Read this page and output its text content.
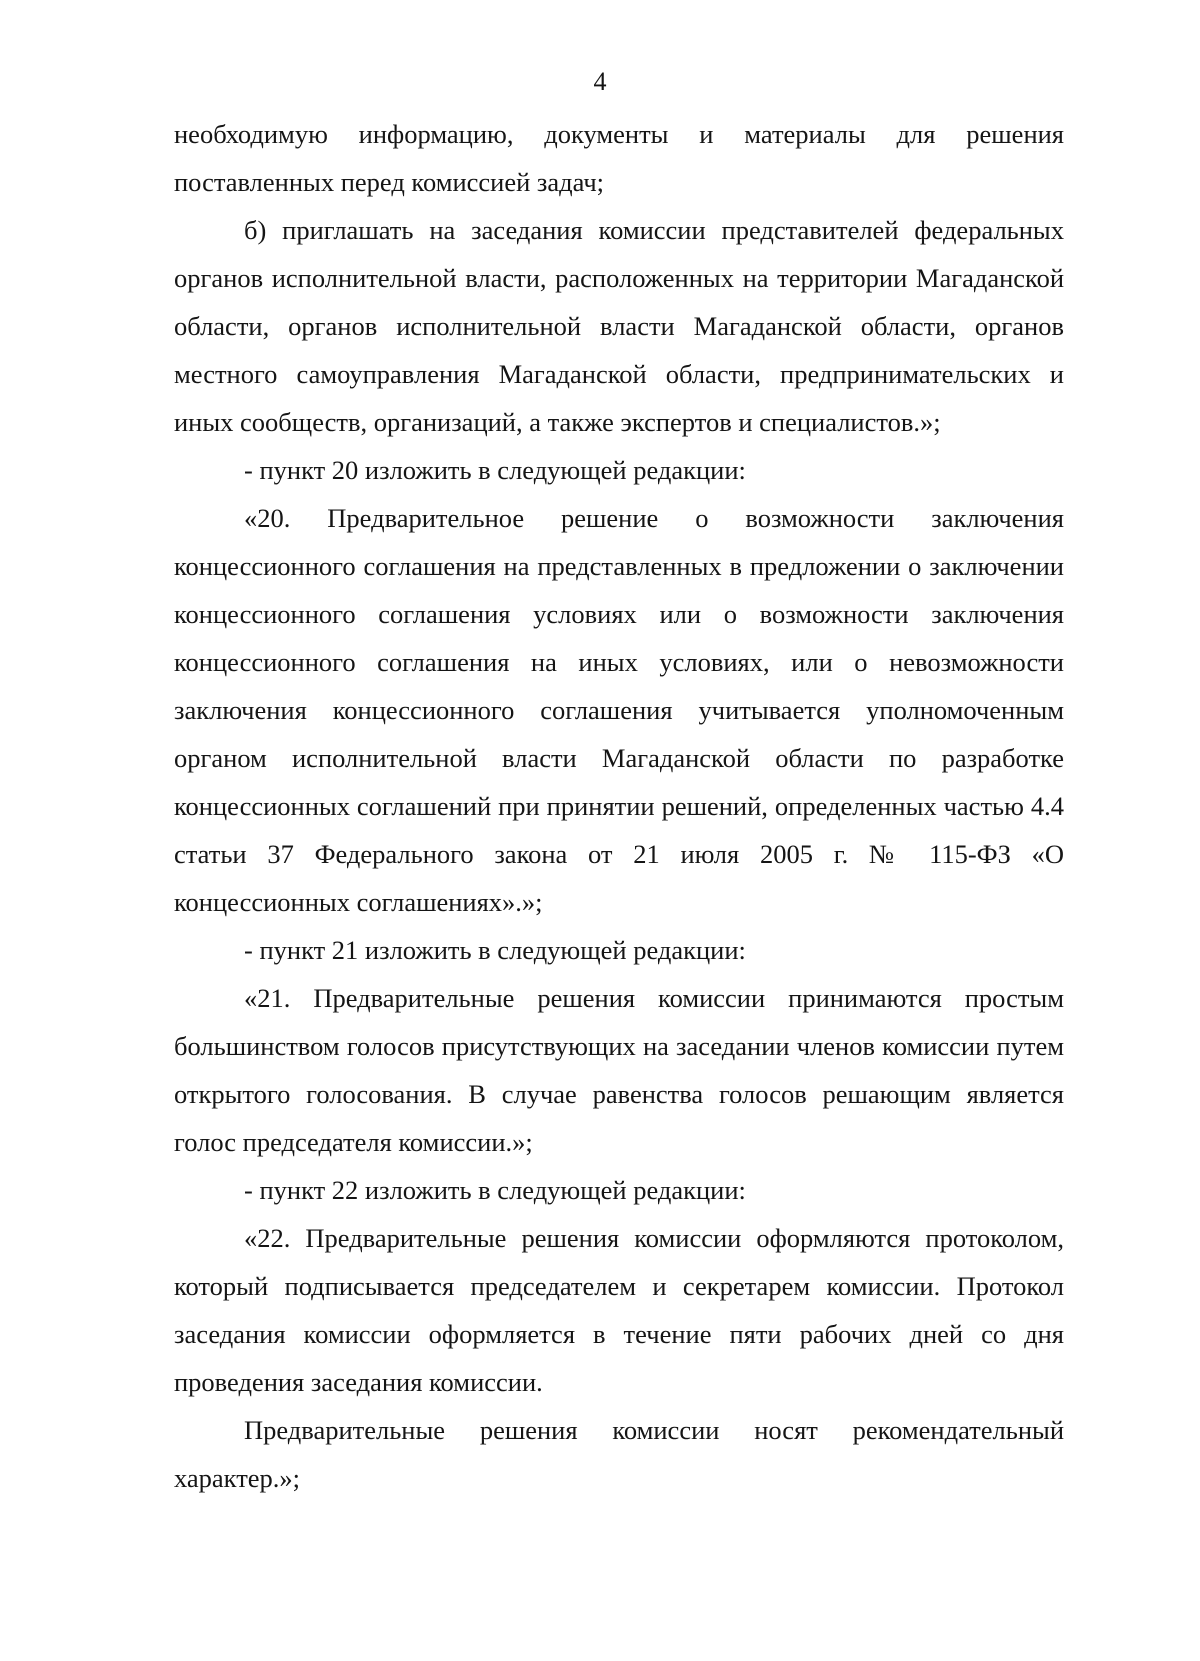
4

необходимую информацию, документы и материалы для решения поставленных перед комиссией задач;

б) приглашать на заседания комиссии представителей федеральных органов исполнительной власти, расположенных на территории Магаданской области, органов исполнительной власти Магаданской области, органов местного самоуправления Магаданской области, предпринимательских и иных сообществ, организаций, а также экспертов и специалистов.»;

- пункт 20 изложить в следующей редакции:

«20. Предварительное решение о возможности заключения концессионного соглашения на представленных в предложении о заключении концессионного соглашения условиях или о возможности заключения концессионного соглашения на иных условиях, или о невозможности заключения концессионного соглашения учитывается уполномоченным органом исполнительной власти Магаданской области по разработке концессионных соглашений при принятии решений, определенных частью 4.4 статьи 37 Федерального закона от 21 июля 2005 г. № 115-ФЗ «О концессионных соглашениях».»;

- пункт 21 изложить в следующей редакции:

«21. Предварительные решения комиссии принимаются простым большинством голосов присутствующих на заседании членов комиссии путем открытого голосования. В случае равенства голосов решающим является голос председателя комиссии.»;

- пункт 22 изложить в следующей редакции:

«22. Предварительные решения комиссии оформляются протоколом, который подписывается председателем и секретарем комиссии. Протокол заседания комиссии оформляется в течение пяти рабочих дней со дня проведения заседания комиссии.

Предварительные решения комиссии носят рекомендательный характер.»;
